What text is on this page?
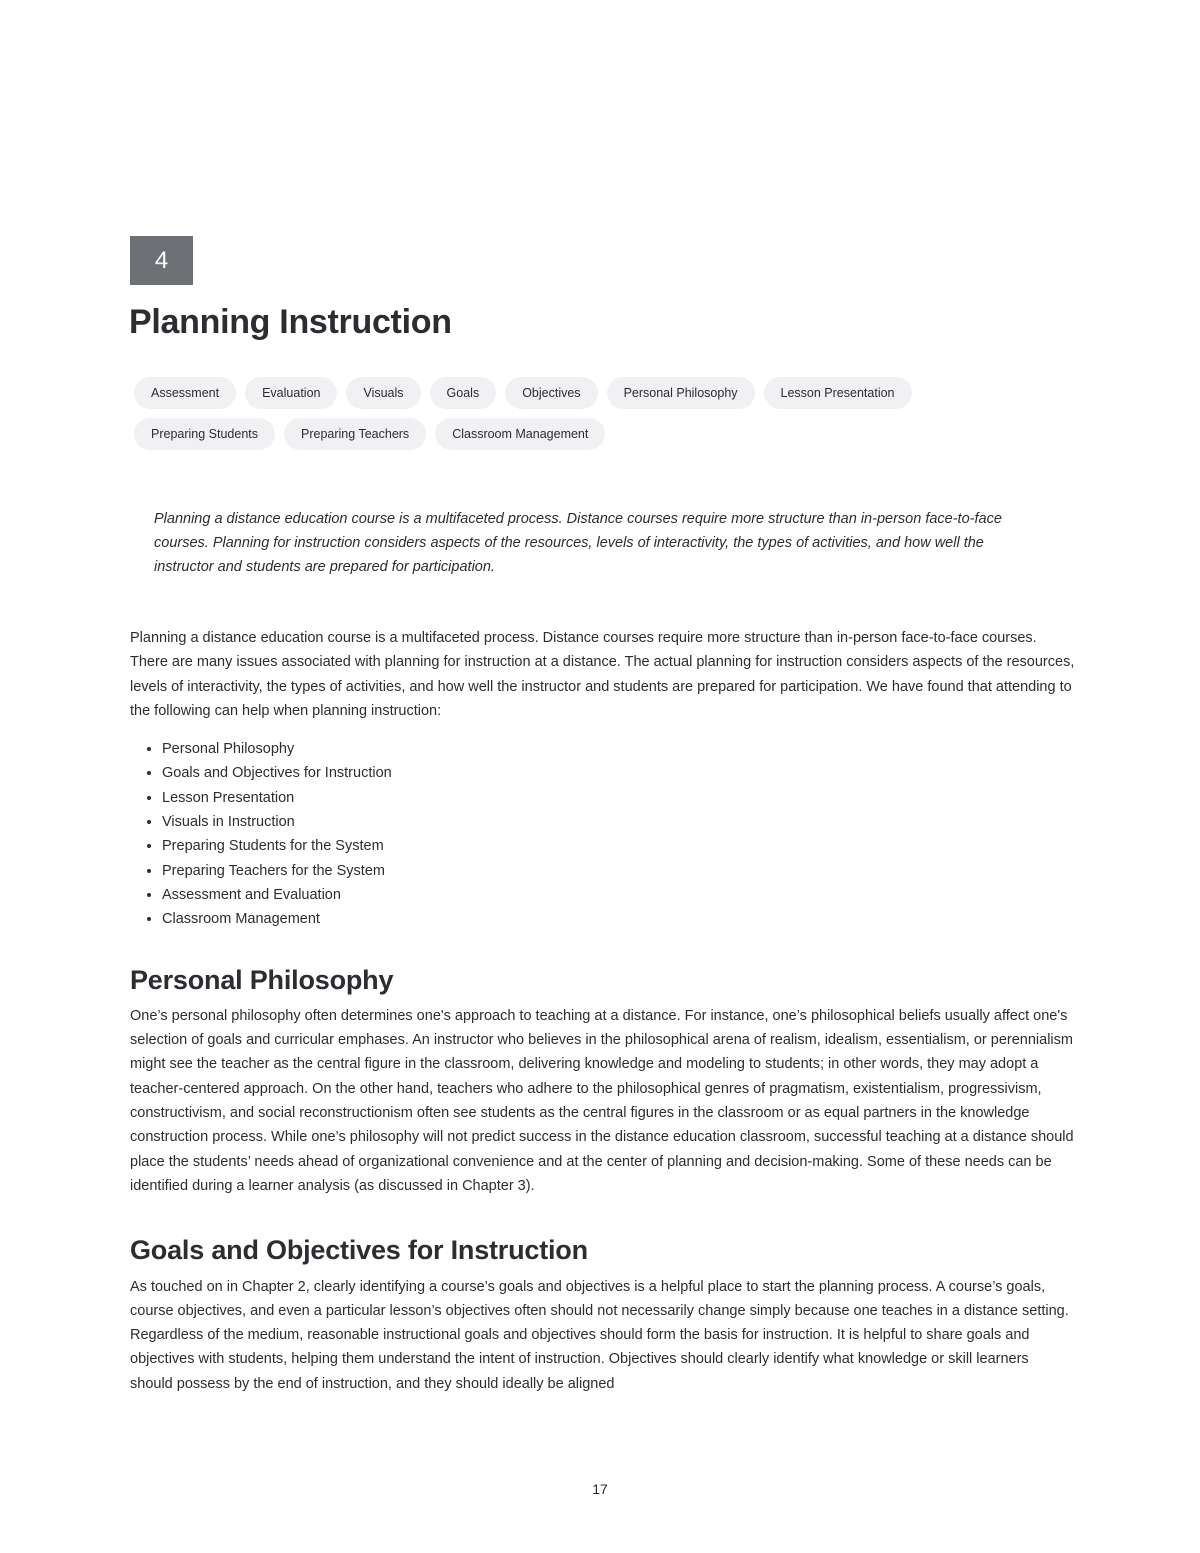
4
Planning Instruction
Assessment	Evaluation	Visuals	Goals	Objectives	Personal Philosophy	Lesson Presentation
Preparing Students	Preparing Teachers	Classroom Management

Planning a distance education course is a multifaceted process. Distance courses require more structure than in-person face-to-face courses. Planning for instruction considers aspects of the resources, levels of interactivity, the types of activities, and how well the instructor and students are prepared for participation.

Planning a distance education course is a multifaceted process. Distance courses require more structure than in-person face-to-face courses. There are many issues associated with planning for instruction at a distance. The actual planning for instruction considers aspects of the resources, levels of interactivity, the types of activities, and how well the instructor and students are prepared for participation. We have found that attending to the following can help when planning instruction:

• Personal Philosophy
• Goals and Objectives for Instruction
• Lesson Presentation
• Visuals in Instruction
• Preparing Students for the System
• Preparing Teachers for the System
• Assessment and Evaluation
• Classroom Management
Personal Philosophy

One’s personal philosophy often determines one's approach to teaching at a distance. For instance, one’s philosophical beliefs usually affect one's selection of goals and curricular emphases. An instructor who believes in the philosophical arena of realism, idealism, essentialism, or perennialism might see the teacher as the central figure in the classroom, delivering knowledge and modeling to students; in other words, they may adopt a teacher-centered approach. On the other hand, teachers who adhere to the philosophical genres of pragmatism, existentialism, progressivism, constructivism, and social reconstructionism often see students as the central figures in the classroom or as equal partners in the knowledge construction process. While one’s philosophy will not predict success in the distance education classroom, successful teaching at a distance should place the students’ needs ahead of organizational convenience and at the center of planning and decision-making. Some of these needs can be identified during a learner analysis (as discussed in Chapter 3).

Goals and Objectives for Instruction

As touched on in Chapter 2, clearly identifying a course’s goals and objectives is a helpful place to start the planning process. A course’s goals, course objectives, and even a particular lesson’s objectives often should not necessarily change simply because one teaches in a distance setting. Regardless of the medium, reasonable instructional goals and objectives should form the basis for instruction. It is helpful to share goals and objectives with students, helping them understand the intent of instruction. Objectives should clearly identify what knowledge or skill learners should possess by the end of instruction, and they should ideally be aligned

17
